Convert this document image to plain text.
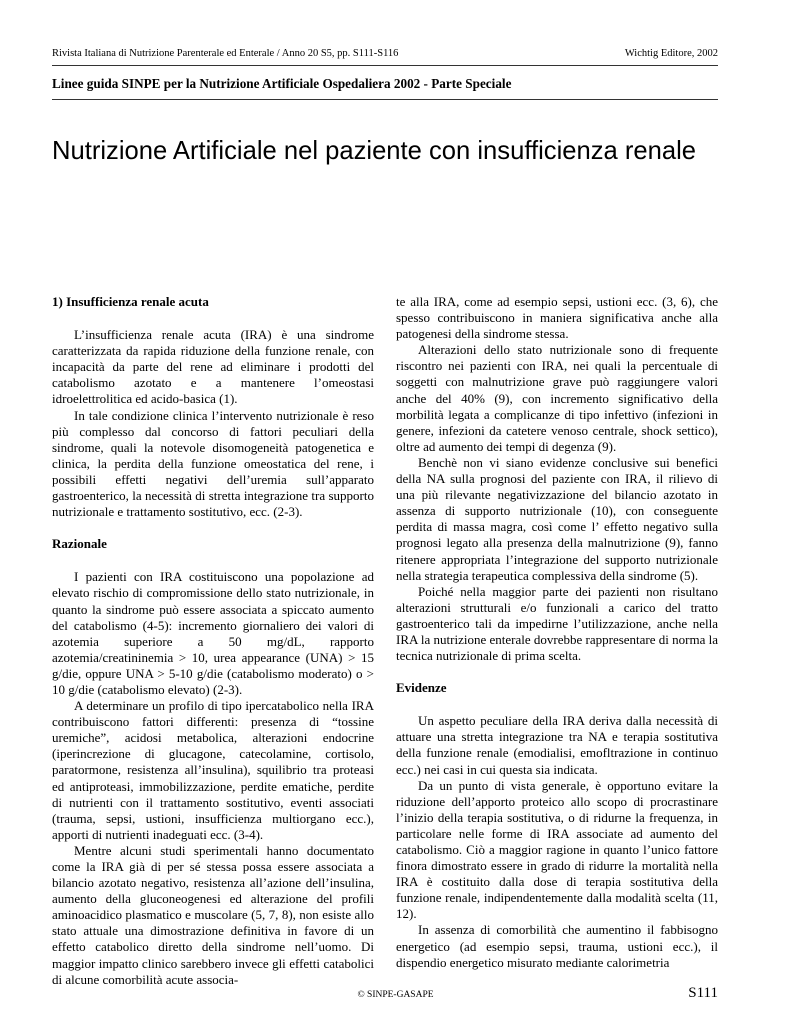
Rivista Italiana di Nutrizione Parenterale ed Enterale / Anno 20 S5, pp. S111-S116	Wichtig Editore, 2002
Linee guida SINPE per la Nutrizione Artificiale Ospedaliera 2002 - Parte Speciale
Nutrizione Artificiale nel paziente con insufficienza renale
1) Insufficienza renale acuta

L’insufficienza renale acuta (IRA) è una sindrome caratterizzata da rapida riduzione della funzione renale, con incapacità da parte del rene ad eliminare i prodotti del catabolismo azotato e a mantenere l’omeostasi idroelettrolitica ed acido-basica (1).

In tale condizione clinica l’intervento nutrizionale è reso più complesso dal concorso di fattori peculiari della sindrome, quali la notevole disomogeneità patogenetica e clinica, la perdita della funzione omeostatica del rene, i possibili effetti negativi dell’uremia sull’apparato gastroenterico, la necessità di stretta integrazione tra supporto nutrizionale e trattamento sostitutivo, ecc. (2-3).

Razionale

I pazienti con IRA costituiscono una popolazione ad elevato rischio di compromissione dello stato nutrizionale, in quanto la sindrome può essere associata a spiccato aumento del catabolismo (4-5): incremento giornaliero dei valori di azotemia superiore a 50 mg/dL, rapporto azotemia/creatininemia > 10, urea appearance (UNA) > 15 g/die, oppure UNA > 5-10 g/die (catabolismo moderato) o > 10 g/die (catabolismo elevato) (2-3).

A determinare un profilo di tipo ipercatabolico nella IRA contribuiscono fattori differenti: presenza di “tossine uremiche”, acidosi metabolica, alterazioni endocrine (iperincrezione di glucagone, catecolamine, cortisolo, paratormone, resistenza all’insulina), squilibrio tra proteasi ed antiproteasi, immobilizzazione, perdite ematiche, perdite di nutrienti con il trattamento sostitutivo, eventi associati (trauma, sepsi, ustioni, insufficienza multiorgano ecc.), apporti di nutrienti inadeguati ecc. (3-4).

Mentre alcuni studi sperimentali hanno documentato come la IRA già di per sé stessa possa essere associata a bilancio azotato negativo, resistenza all’azione dell’insulina, aumento della gluconeogenesi ed alterazione del profili aminoacidico plasmatico e muscolare (5, 7, 8), non esiste allo stato attuale una dimostrazione definitiva in favore di un effetto catabolico diretto della sindrome nell’uomo. Di maggior impatto clinico sarebbero invece gli effetti catabolici di alcune comorbilità acute associa-

te alla IRA, come ad esempio sepsi, ustioni ecc. (3, 6), che spesso contribuiscono in maniera significativa anche alla patogenesi della sindrome stessa.

Alterazioni dello stato nutrizionale sono di frequente riscontro nei pazienti con IRA, nei quali la percentuale di soggetti con malnutrizione grave può raggiungere valori anche del 40% (9), con incremento significativo della morbilità legata a complicanze di tipo infettivo (infezioni in genere, infezioni da catetere venoso centrale, shock settico), oltre ad aumento dei tempi di degenza (9).

Benchè non vi siano evidenze conclusive sui benefici della NA sulla prognosi del paziente con IRA, il rilievo di una più rilevante negativizzazione del bilancio azotato in assenza di supporto nutrizionale (10), con conseguente perdita di massa magra, così come l’ effetto negativo sulla prognosi legato alla presenza della malnutrizione (9), fanno ritenere appropriata l’integrazione del supporto nutrizionale nella strategia terapeutica complessiva della sindrome (5).

Poiché nella maggior parte dei pazienti non risultano alterazioni strutturali e/o funzionali a carico del tratto gastroenterico tali da impedirne l’utilizzazione, anche nella IRA la nutrizione enterale dovrebbe rappresentare di norma la tecnica nutrizionale di prima scelta.

Evidenze

Un aspetto peculiare della IRA deriva dalla necessità di attuare una stretta integrazione tra NA e terapia sostitutiva della funzione renale (emodialisi, emofltrazione in continuo ecc.) nei casi in cui questa sia indicata.

Da un punto di vista generale, è opportuno evitare la riduzione dell’apporto proteico allo scopo di procrastinare l’inizio della terapia sostitutiva, o di ridurne la frequenza, in particolare nelle forme di IRA associate ad aumento del catabolismo. Ciò a maggior ragione in quanto l’unico fattore finora dimostrato essere in grado di ridurre la mortalità nella IRA è costituito dalla dose di terapia sostitutiva della funzione renale, indipendentemente dalla modalità scelta (11, 12).

In assenza di comorbilità che aumentino il fabbisogno energetico (ad esempio sepsi, trauma, ustioni ecc.), il dispendio energetico misurato mediante calorimetria

© SINPE-GASAPE	S111
